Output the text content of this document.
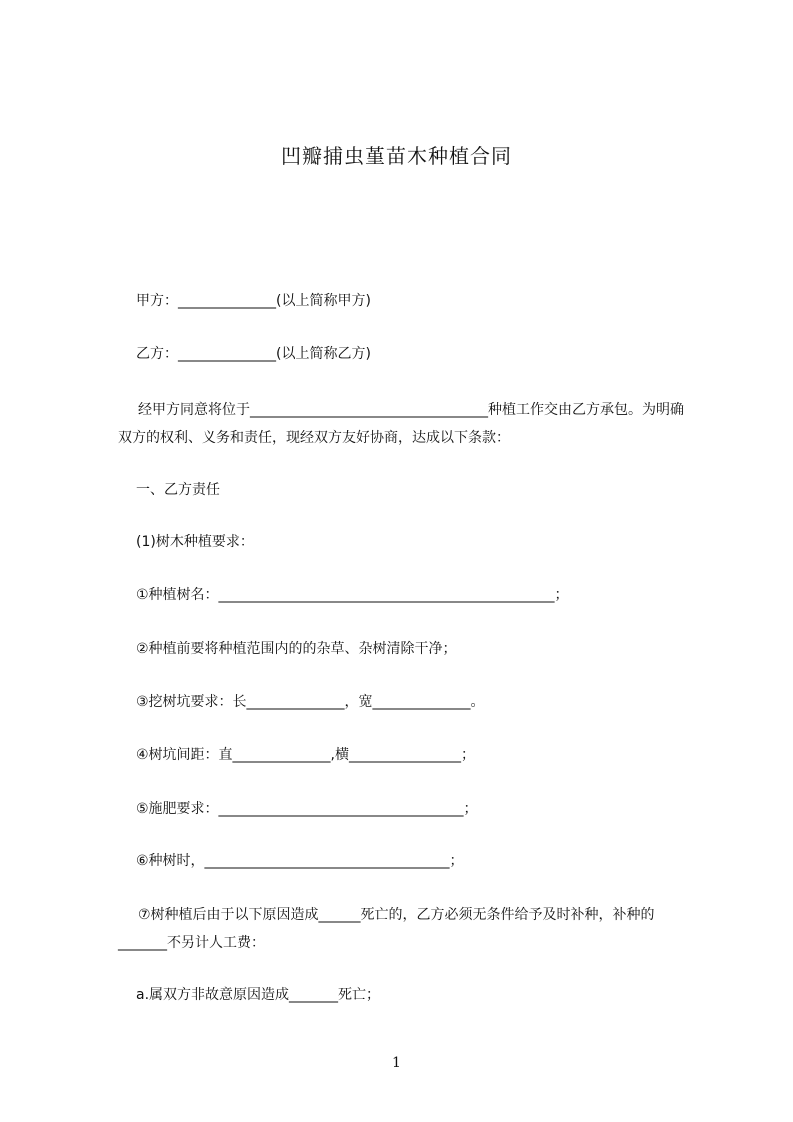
凹瓣捕虫堇苗木种植合同
甲方：______________(以上简称甲方)
乙方：______________(以上简称乙方)
经甲方同意将位于__________________________________种植工作交由乙方承包。为明确双方的权利、义务和责任，现经双方友好协商，达成以下条款：
一、乙方责任
(1)树木种植要求：
①种植树名：________________________________________________；
②种植前要将种植范围内的的杂草、杂树清除干净；
③挖树坑要求：长______________，宽______________。
④树坑间距：直______________,横________________；
⑤施肥要求：___________________________________；
⑥种树时，___________________________________；
⑦树种植后由于以下原因造成______死亡的，乙方必须无条件给予及时补种，补种的_______不另计人工费：
a.属双方非故意原因造成_______死亡；
1
